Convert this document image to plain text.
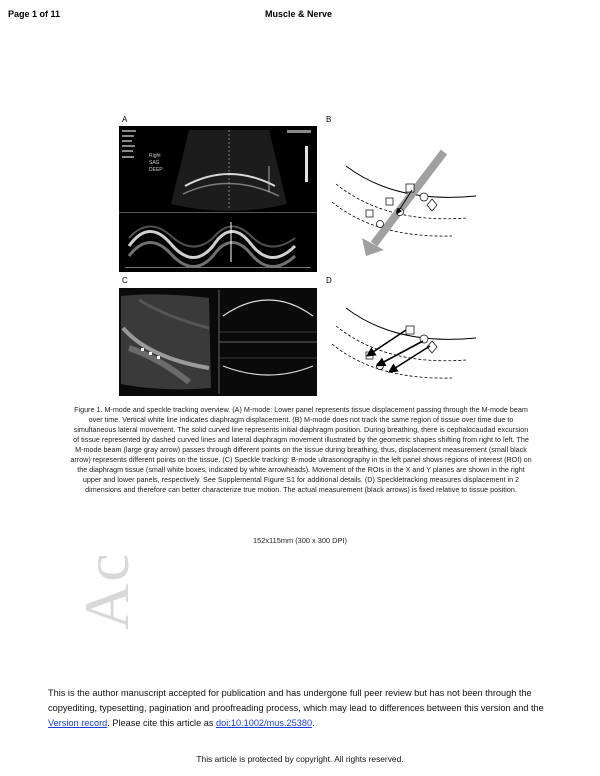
Page 1 of 11	Muscle & Nerve
A	B
C	D
Right
SAG
DEEP
Figure 1. M-mode and speckle tracking overview. (A) M-mode: Lower panel represents tissue displacement passing through the M-mode beam over time. Vertical white line indicates diaphragm displacement. (B) M-mode does not track the same region of tissue over time due to simultaneous lateral movement. The solid curved line represents initial diaphragm position. During breathing, there is cephalocaudad excursion of tissue represented by dashed curved lines and lateral diaphragm movement illustrated by the geometric shapes shifting from right to left. The M-mode beam (large gray arrow) passes through different points on the tissue during breathing, thus, displacement measurement (small black arrow) represents different points on the tissue. (C) Speckle tracking: B-mode ultrasonography in the left panel shows regions of interest (ROI) on the diaphragm tissue (small white boxes, indicated by white arrowheads). Movement of the ROIs in the X and Y planes are shown in the right upper and lower panels, respectively. See Supplemental Figure S1 for additional details. (D) Speckletracking measures displacement in 2 dimensions and therefore can better characterize true motion. The actual measurement (black arrows) is fixed relative to tissue position.
152x115mm (300 x 300 DPI)
Ac
This is the author manuscript accepted for publication and has undergone full peer review but has not been through the copyediting, typesetting, pagination and proofreading process, which may lead to differences between this version and the Version record. Please cite this article as doi:10.1002/mus.25380.
This article is protected by copyright. All rights reserved.
